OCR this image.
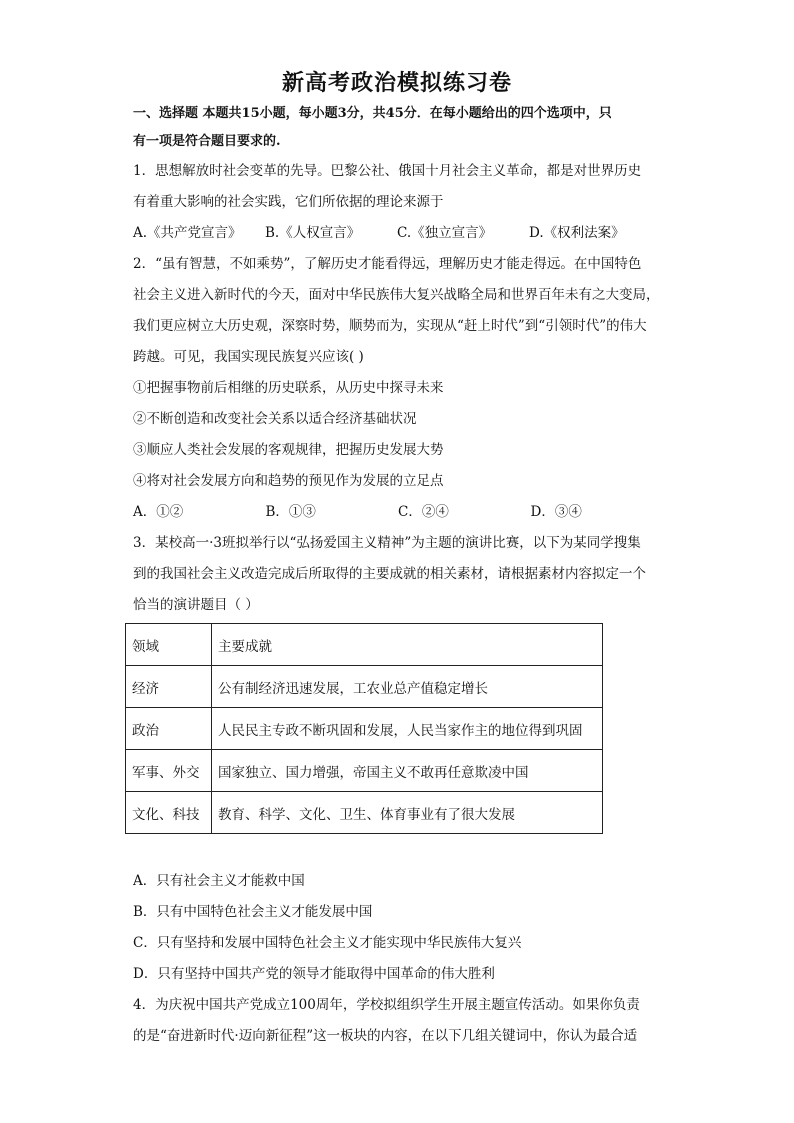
新高考政治模拟练习卷
一、选择题 本题共15小题，每小题3分，共45分．在每小题给出的四个选项中，只
有一项是符合题目要求的.
1．思想解放时社会变革的先导。巴黎公社、俄国十月社会主义革命，都是对世界历史
有着重大影响的社会实践，它们所依据的理论来源于
A.《共产党宣言》	B.《人权宣言》	C.《独立宣言》	D.《权利法案》
2．“虽有智慧，不如乘势”，了解历史才能看得远，理解历史才能走得远。在中国特色
社会主义进入新时代的今天，面对中华民族伟大复兴战略全局和世界百年未有之大变局，
我们更应树立大历史观，深察时势，顺势而为，实现从“赶上时代”到“引领时代”的伟大
跨越。可见，我国实现民族复兴应该( )
①把握事物前后相继的历史联系，从历史中探寻未来
②不断创造和改变社会关系以适合经济基础状况
③顺应人类社会发展的客观规律，把握历史发展大势
④将对社会发展方向和趋势的预见作为发展的立足点
A．①②	B．①③	C．②④	D．③④
3．某校高一·3班拟举行以“弘扬爱国主义精神”为主题的演讲比赛，以下为某同学搜集
到的我国社会主义改造完成后所取得的主要成就的相关素材，请根据素材内容拟定一个
恰当的演讲题目（ ）
领域	主要成就
经济	公有制经济迅速发展，工农业总产值稳定增长
政治	人民民主专政不断巩固和发展，人民当家作主的地位得到巩固
军事、外交	国家独立、国力增强，帝国主义不敢再任意欺凌中国
文化、科技	教育、科学、文化、卫生、体育事业有了很大发展
A．只有社会主义才能救中国
B．只有中国特色社会主义才能发展中国
C．只有坚持和发展中国特色社会主义才能实现中华民族伟大复兴
D．只有坚持中国共产党的领导才能取得中国革命的伟大胜利
4．为庆祝中国共产党成立100周年，学校拟组织学生开展主题宣传活动。如果你负责
的是“奋进新时代·迈向新征程”这一板块的内容，在以下几组关键词中，你认为最合适
